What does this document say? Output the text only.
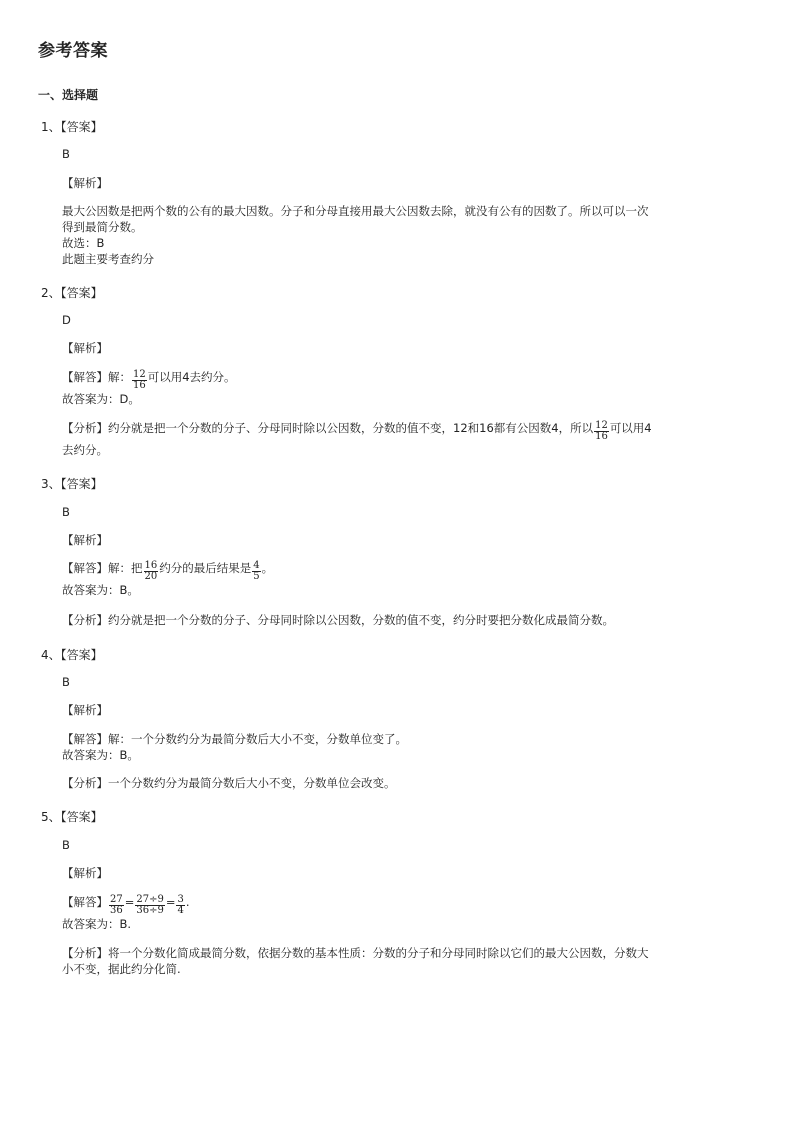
参考答案
一、选择题
1、【答案】
B
【解析】
最大公因数是把两个数的公有的最大因数。分子和分母直接用最大公因数去除，就没有公有的因数了。所以可以一次
得到最简分数。
故选：B
此题主要考查约分
2、【答案】
D
【解析】
【解答】解： $\frac{12}{16}$ 可以用4去约分。
故答案为：D。
【分析】约分就是把一个分数的分子、分母同时除以公因数，分数的值不变，12和16都有公因数4，所以 $\frac{12}{16}$ 可以用4
去约分。
3、【答案】
B
【解析】
【解答】解：把 $\frac{16}{20}$ 约分的最后结果是 $\frac{4}{5}$ 。
故答案为：B。
【分析】约分就是把一个分数的分子、分母同时除以公因数，分数的值不变，约分时要把分数化成最简分数。
4、【答案】
B
【解析】
【解答】解：一个分数约分为最简分数后大小不变，分数单位变了。
故答案为：B。
【分析】一个分数约分为最简分数后大小不变，分数单位会改变。
5、【答案】
B
【解析】
【解答】 $\frac{27}{36} = \frac{27\div 9}{36\div 9} = \frac{3}{4}$ .
故答案为：B.
【分析】将一个分数化简成最简分数，依据分数的基本性质：分数的分子和分母同时除以它们的最大公因数，分数大
小不变，据此约分化简.
